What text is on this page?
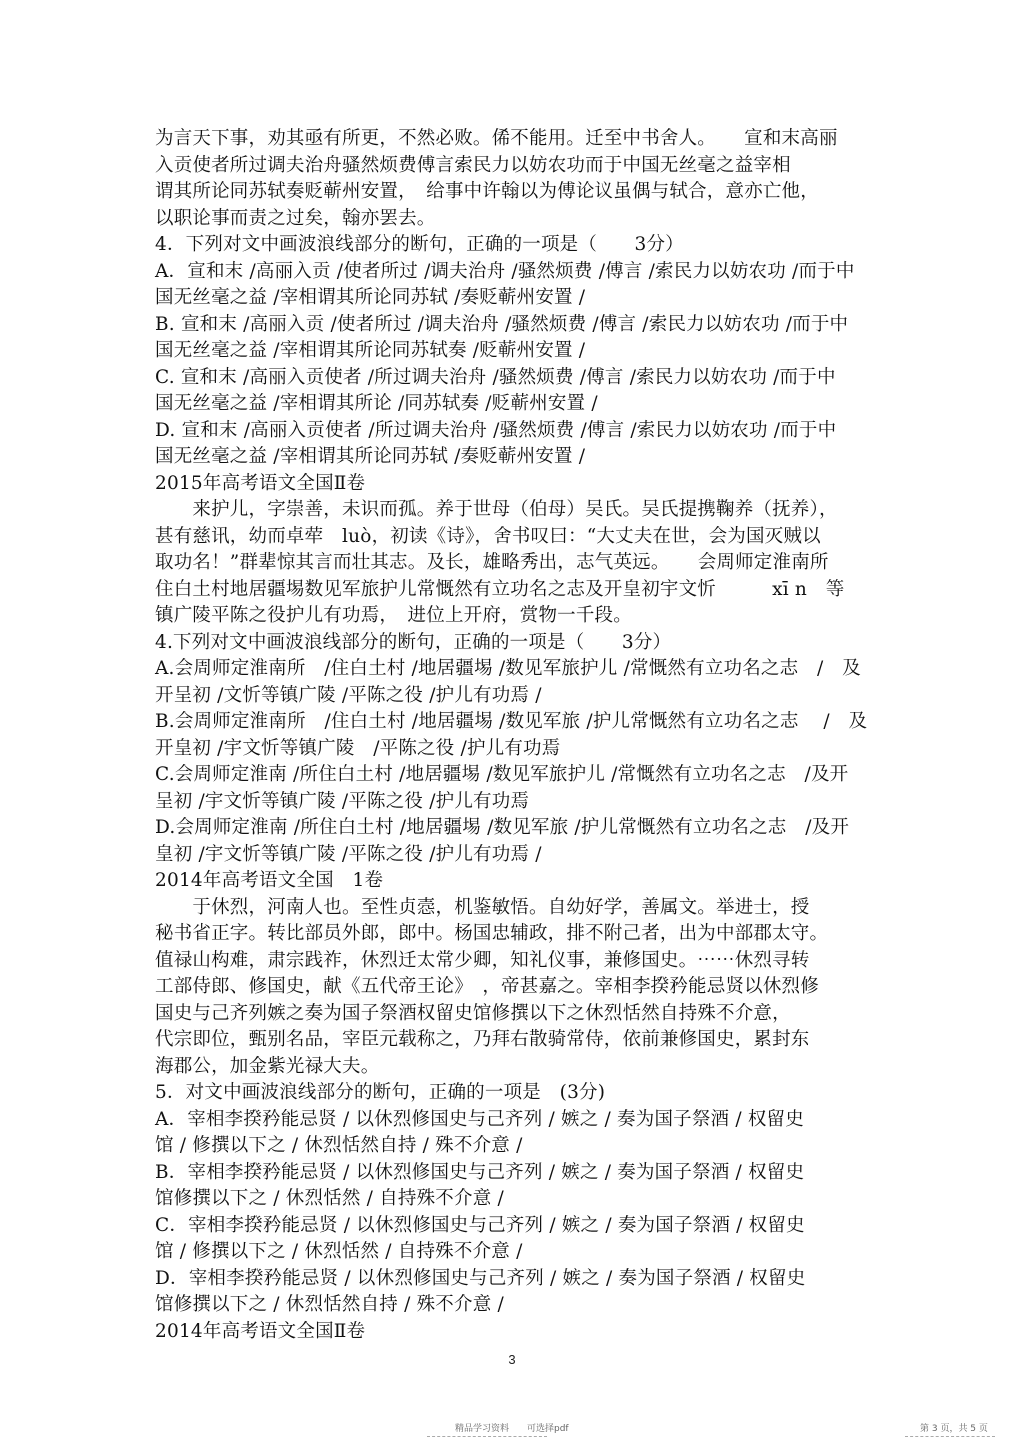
为言天下事，劝其亟有所更，不然必败。俙不能用。迁至中书舍人。　　宣和末高丽
入贡使者所过调夫治舟骚然烦费傅言索民力以妨农功而于中国无丝毫之益宰相
谓其所论同苏轼奏贬蕲州安置，　给事中许翰以为傅论议虽偶与轼合，意亦亡他，
以职论事而责之过矣，翰亦罢去。
4．下列对文中画波浪线部分的断句，正确的一项是（　　3分）
A．宣和末 /高丽入贡 /使者所过 /调夫治舟 /骚然烦费 /傅言 /索民力以妨农功 /而于中
国无丝毫之益 /宰相谓其所论同苏轼 /奏贬蕲州安置 /
B. 宣和末 /高丽入贡 /使者所过 /调夫治舟 /骚然烦费 /傅言 /索民力以妨农功 /而于中
国无丝毫之益 /宰相谓其所论同苏轼奏 /贬蕲州安置 /
C. 宣和末 /高丽入贡使者 /所过调夫治舟 /骚然烦费 /傅言 /索民力以妨农功 /而于中
国无丝毫之益 /宰相谓其所论 /同苏轼奏 /贬蕲州安置 /
D. 宣和末 /高丽入贡使者 /所过调夫治舟 /骚然烦费 /傅言 /索民力以妨农功 /而于中
国无丝毫之益 /宰相谓其所论同苏轼 /奏贬蕲州安置 /
2015年高考语文全国Ⅱ卷
　　来护儿，字崇善，未识而孤。养于世母（伯母）吴氏。吴氏提携鞠养（抚养），
甚有慈讯，幼而卓荦　luò，初读《诗》，舍书叹曰：“大丈夫在世，会为国灭贼以
取功名！”群辈惊其言而壮其志。及长，雄略秀出，志气英远。　　会周师定淮南所
住白土村地居疆埸数见军旅护儿常慨然有立功名之志及开皇初宇文忻　　　xī n　等
镇广陵平陈之役护儿有功焉，　进位上开府，赏物一千段。
4.下列对文中画波浪线部分的断句，正确的一项是（　　3分）
A.会周师定淮南所　/住白土村 /地居疆埸 /数见军旅护儿 /常慨然有立功名之志　/　及
开呈初 /文忻等镇广陵 /平陈之役 /护儿有功焉 /
B.会周师定淮南所　/住白土村 /地居疆埸 /数见军旅 /护儿常慨然有立功名之志　 /　及
开皇初 /宇文忻等镇广陵　/平陈之役 /护儿有功焉
C.会周师定淮南 /所住白土村 /地居疆埸 /数见军旅护儿 /常慨然有立功名之志　/及开
呈初 /宇文忻等镇广陵 /平陈之役 /护儿有功焉
D.会周师定淮南 /所住白土村 /地居疆埸 /数见军旅 /护儿常慨然有立功名之志　/及开
皇初 /宇文忻等镇广陵 /平陈之役 /护儿有功焉 /
2014年高考语文全国　1卷
　　于休烈，河南人也。至性贞悫，机鉴敏悟。自幼好学，善属文。举进士，授
秘书省正字。转比部员外郎，郎中。杨国忠辅政，排不附己者，出为中部郡太守。
值禄山构难，肃宗践祚，休烈迁太常少卿，知礼仪事，兼修国史。⋯⋯休烈寻转
工部侍郎、修国史，献《五代帝王论》　，帝甚嘉之。宰相李揆矜能忌贤以休烈修
国史与己齐列嫉之奏为国子祭酒权留史馆修撰以下之休烈恬然自持殊不介意，
代宗即位，甄别名品，宰臣元载称之，乃拜右散骑常侍，依前兼修国史，累封东
海郡公，加金紫光禄大夫。
5．对文中画波浪线部分的断句，正确的一项是　(3分)
A．宰相李揆矜能忌贤 / 以休烈修国史与己齐列 / 嫉之 / 奏为国子祭酒 / 权留史
馆 / 修撰以下之 / 休烈恬然自持 / 殊不介意 /
B．宰相李揆矜能忌贤 / 以休烈修国史与己齐列 / 嫉之 / 奏为国子祭酒 / 权留史
馆修撰以下之 / 休烈恬然 / 自持殊不介意 /
C．宰相李揆矜能忌贤 / 以休烈修国史与己齐列 / 嫉之 / 奏为国子祭酒 / 权留史
馆 / 修撰以下之 / 休烈恬然 / 自持殊不介意 /
D．宰相李揆矜能忌贤 / 以休烈修国史与己齐列 / 嫉之 / 奏为国子祭酒 / 权留史
馆修撰以下之 / 休烈恬然自持 / 殊不介意 /
2014年高考语文全国Ⅱ卷
3
精品学习资料　　可选择pdf	第 3 页，共 5 页
